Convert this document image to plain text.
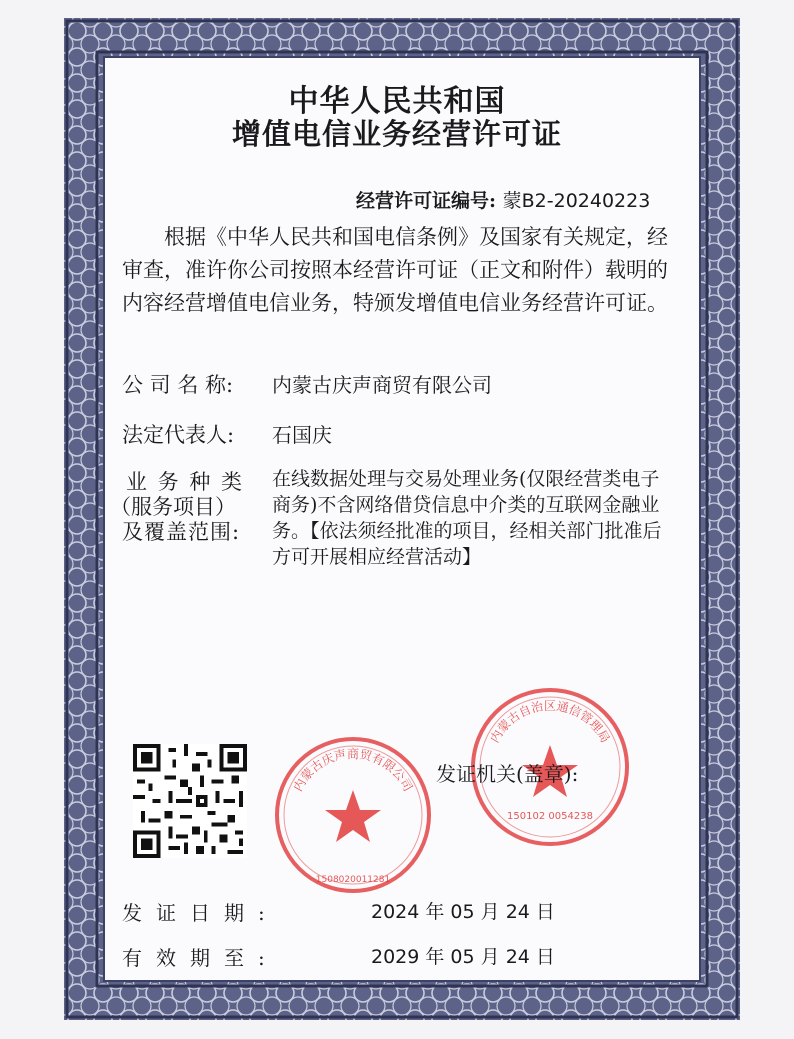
中华人民共和国
增值电信业务经营许可证
经营许可证编号: 蒙B2-20240223
　　根据《中华人民共和国电信条例》及国家有关规定，经审查，准许你公司按照本经营许可证（正文和附件）载明的内容经营增值电信业务，特颁发增值电信业务经营许可证。
公 司 名 称: 内蒙古庆声商贸有限公司
法定代表人: 石国庆
业 务 种 类
（服务项目）
及覆盖范围:
在线数据处理与交易处理业务(仅限经营类电子商务)不含网络借贷信息中介类的互联网金融业务。【依法须经批准的项目，经相关部门批准后方可开展相应经营活动】
内蒙古庆声商贸有限公司
1508020011281
内蒙古自治区通信管理局
150102 0054238
发证机关(盖章):
发证日期:	2024 年 05 月 24 日
有效期至:	2029 年 05 月 24 日
